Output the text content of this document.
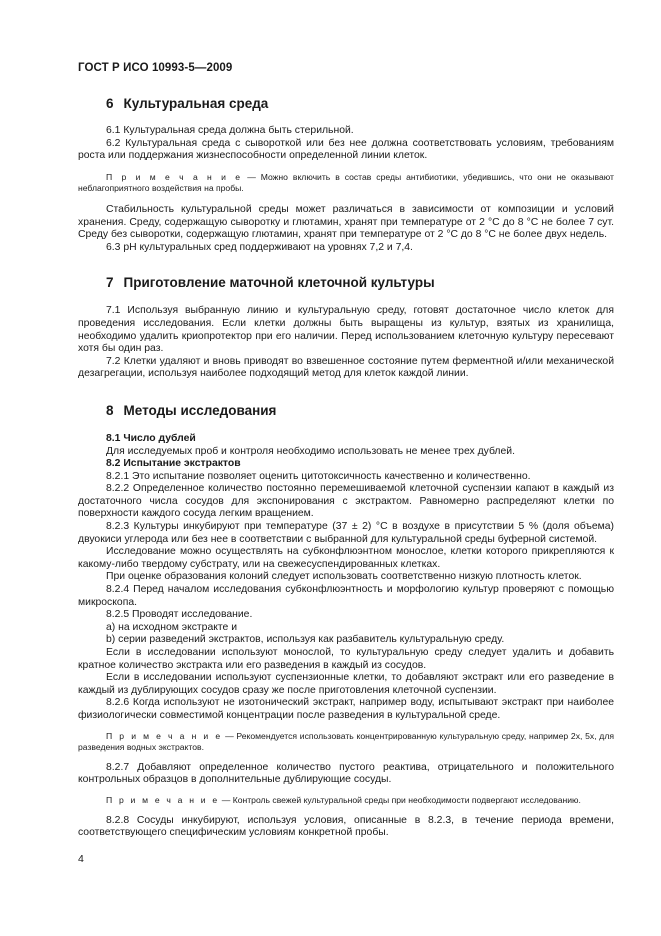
ГОСТ Р ИСО 10993-5—2009
6 Культуральная среда

6.1 Культуральная среда должна быть стерильной.

6.2 Культуральная среда с сывороткой или без нее должна соответствовать условиям, требованиям роста или поддержания жизнеспособности определенной линии клеток.

П р и м е ч а н и е — Можно включить в состав среды антибиотики, убедившись, что они не оказывают неблагоприятного воздействия на пробы.

Стабильность культуральной среды может различаться в зависимости от композиции и условий хранения. Среду, содержащую сыворотку и глютамин, хранят при температуре от 2 °С до 8 °С не более 7 сут. Среду без сыворотки, содержащую глютамин, хранят при температуре от 2 °С до 8 °С не более двух недель.

6.3 рН культуральных сред поддерживают на уровнях 7,2 и 7,4.

7 Приготовление маточной клеточной культуры

7.1 Используя выбранную линию и культуральную среду, готовят достаточное число клеток для проведения исследования. Если клетки должны быть выращены из культур, взятых из хранилища, необходимо удалить криопротектор при его наличии. Перед использованием клеточную культуру пересевают хотя бы один раз.

7.2 Клетки удаляют и вновь приводят во взвешенное состояние путем ферментной и/или механической дезагрегации, используя наиболее подходящий метод для клеток каждой линии.

8 Методы исследования

8.1 Число дублей

Для исследуемых проб и контроля необходимо использовать не менее трех дублей.

8.2 Испытание экстрактов

8.2.1 Это испытание позволяет оценить цитотоксичность качественно и количественно.

8.2.2 Определенное количество постоянно перемешиваемой клеточной суспензии капают в каждый из достаточного числа сосудов для экспонирования с экстрактом. Равномерно распределяют клетки по поверхности каждого сосуда легким вращением.

8.2.3 Культуры инкубируют при температуре (37 ± 2) °С в воздухе в присутствии 5 % (доля объема) двуокиси углерода или без нее в соответствии с выбранной для культуральной среды буферной системой.

Исследование можно осуществлять на субконфлюэнтном монослое, клетки которого прикрепляются к какому-либо твердому субстрату, или на свежесуспендированных клетках.

При оценке образования колоний следует использовать соответственно низкую плотность клеток.

8.2.4 Перед началом исследования субконфлюэнтность и морфологию культур проверяют с помощью микроскопа.

8.2.5 Проводят исследование.

а) на исходном экстракте и

b) серии разведений экстрактов, используя как разбавитель культуральную среду.

Если в исследовании используют монослой, то культуральную среду следует удалить и добавить кратное количество экстракта или его разведения в каждый из сосудов.

Если в исследовании используют суспензионные клетки, то добавляют экстракт или его разведение в каждый из дублирующих сосудов сразу же после приготовления клеточной суспензии.

8.2.6 Когда используют не изотонический экстракт, например воду, испытывают экстракт при наиболее физиологически совместимой концентрации после разведения в культуральной среде.

П р и м е ч а н и е — Рекомендуется использовать концентрированную культуральную среду, например 2х, 5х, для разведения водных экстрактов.

8.2.7 Добавляют определенное количество пустого реактива, отрицательного и положительного контрольных образцов в дополнительные дублирующие сосуды.

П р и м е ч а н и е — Контроль свежей культуральной среды при необходимости подвергают исследованию.

8.2.8 Сосуды инкубируют, используя условия, описанные в 8.2.3, в течение периода времени, соответствующего специфическим условиям конкретной пробы.

4
